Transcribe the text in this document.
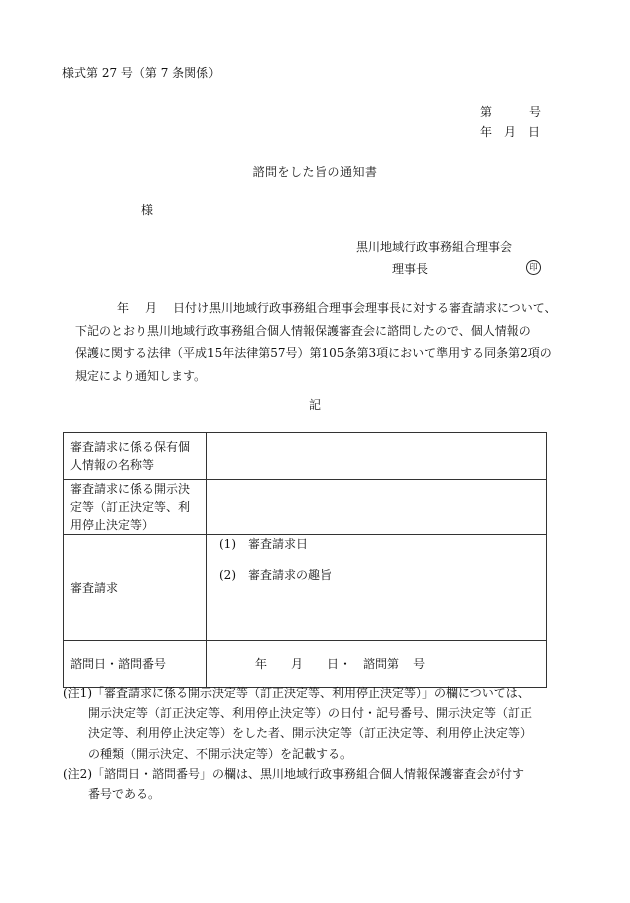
様式第 27 号（第 7 条関係）
第	号
年 月 日
諮問をした旨の通知書
様
黒川地域行政事務組合理事会
理事長	印
年 月 日付け黒川地域行政事務組合理事会理事長に対する審査請求について、
下記のとおり黒川地域行政事務組合個人情報保護審査会に諮問したので、個人情報の
保護に関する法律（平成15年法律第57号）第105条第3項において準用する同条第2項の
規定により通知します。
記
審査請求に係る保有個
人情報の名称等	

審査請求に係る開示決
定等（訂正決定等、利
用停止決定等）	

審査請求	(1)　審査請求日
(2)　審査請求の趣旨

諮問日・諮問番号	年 月 日・ 諮問第 号
(注1)「審査請求に係る開示決定等（訂正決定等、利用停止決定等）」の欄については、
開示決定等（訂正決定等、利用停止決定等）の日付・記号番号、開示決定等（訂正
決定等、利用停止決定等）をした者、開示決定等（訂正決定等、利用停止決定等）
の種類（開示決定、不開示決定等）を記載する。
(注2)「諮問日・諮問番号」の欄は、黒川地域行政事務組合個人情報保護審査会が付す
番号である。
